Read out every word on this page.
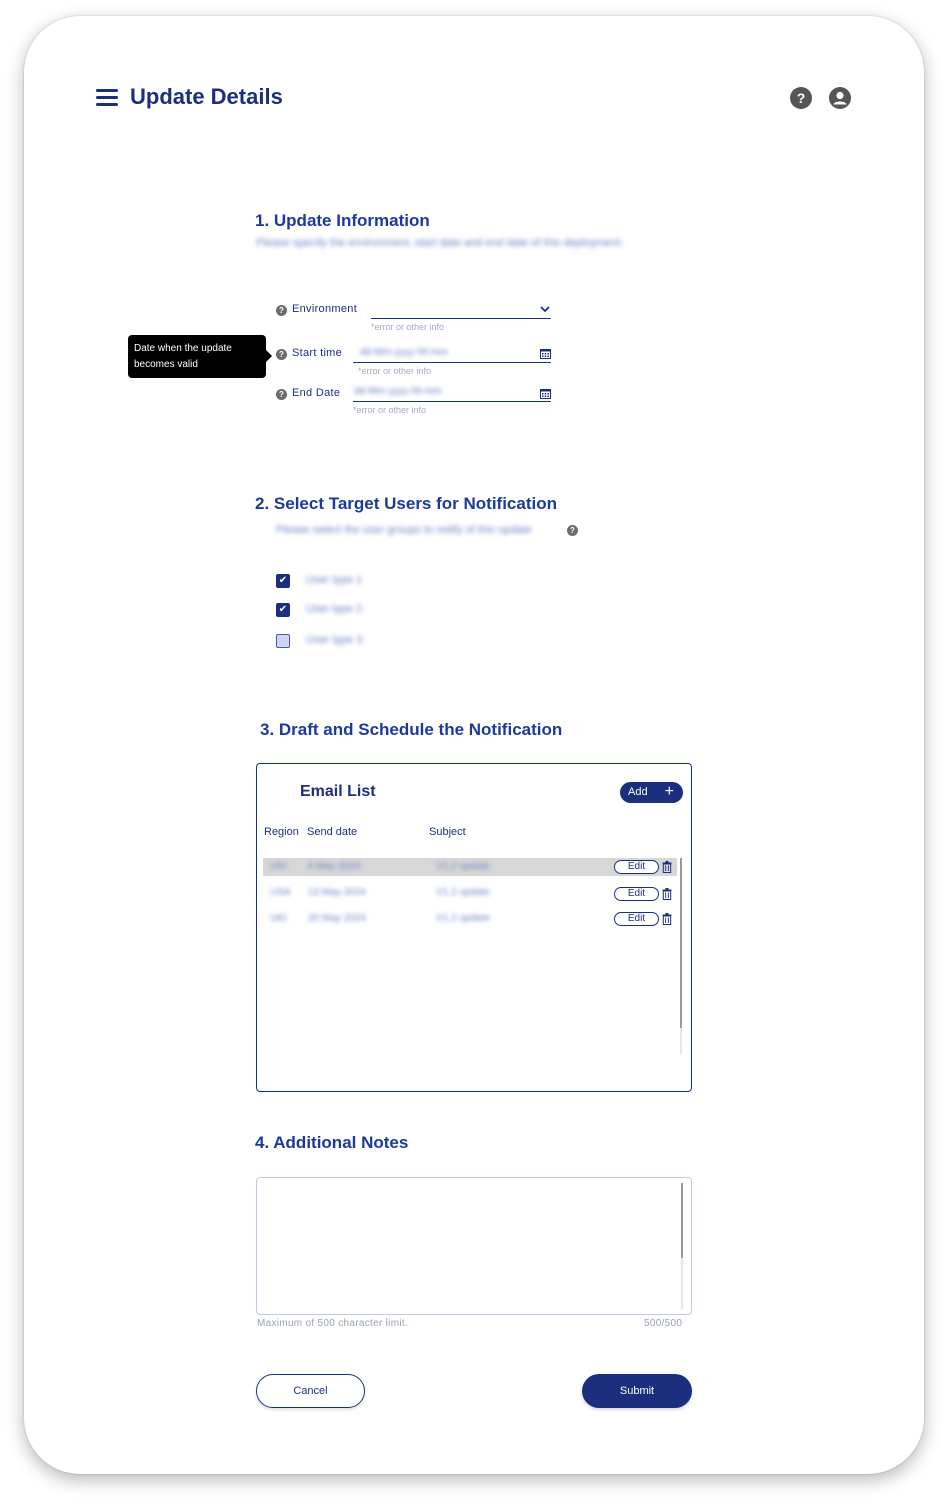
Update Details	?
1. Update Information
Please specify the environment, start date and end date of this deployment.
? Environment
*error or other info
Date when the update
becomes valid
? Start time dd-Mm-yyyy hh:mm
*error or other info
? End Date dd-Mm-yyyy hh:mm
*error or other info
2. Select Target Users for Notification
Please select the user groups to notify of this update	?
✔ User type 1
✔ User type 2
User type 3
3. Draft and Schedule the Notification
Email List	Add +
Region Send date	Subject
UKI 6 May 2024	V1.2 update	Edit
USA 13 May 2024	V1.2 update	Edit
UKI 20 May 2024	V1.2 update	Edit
4. Additional Notes
Maximum of 500 character limit.	500/500
Cancel	Submit
